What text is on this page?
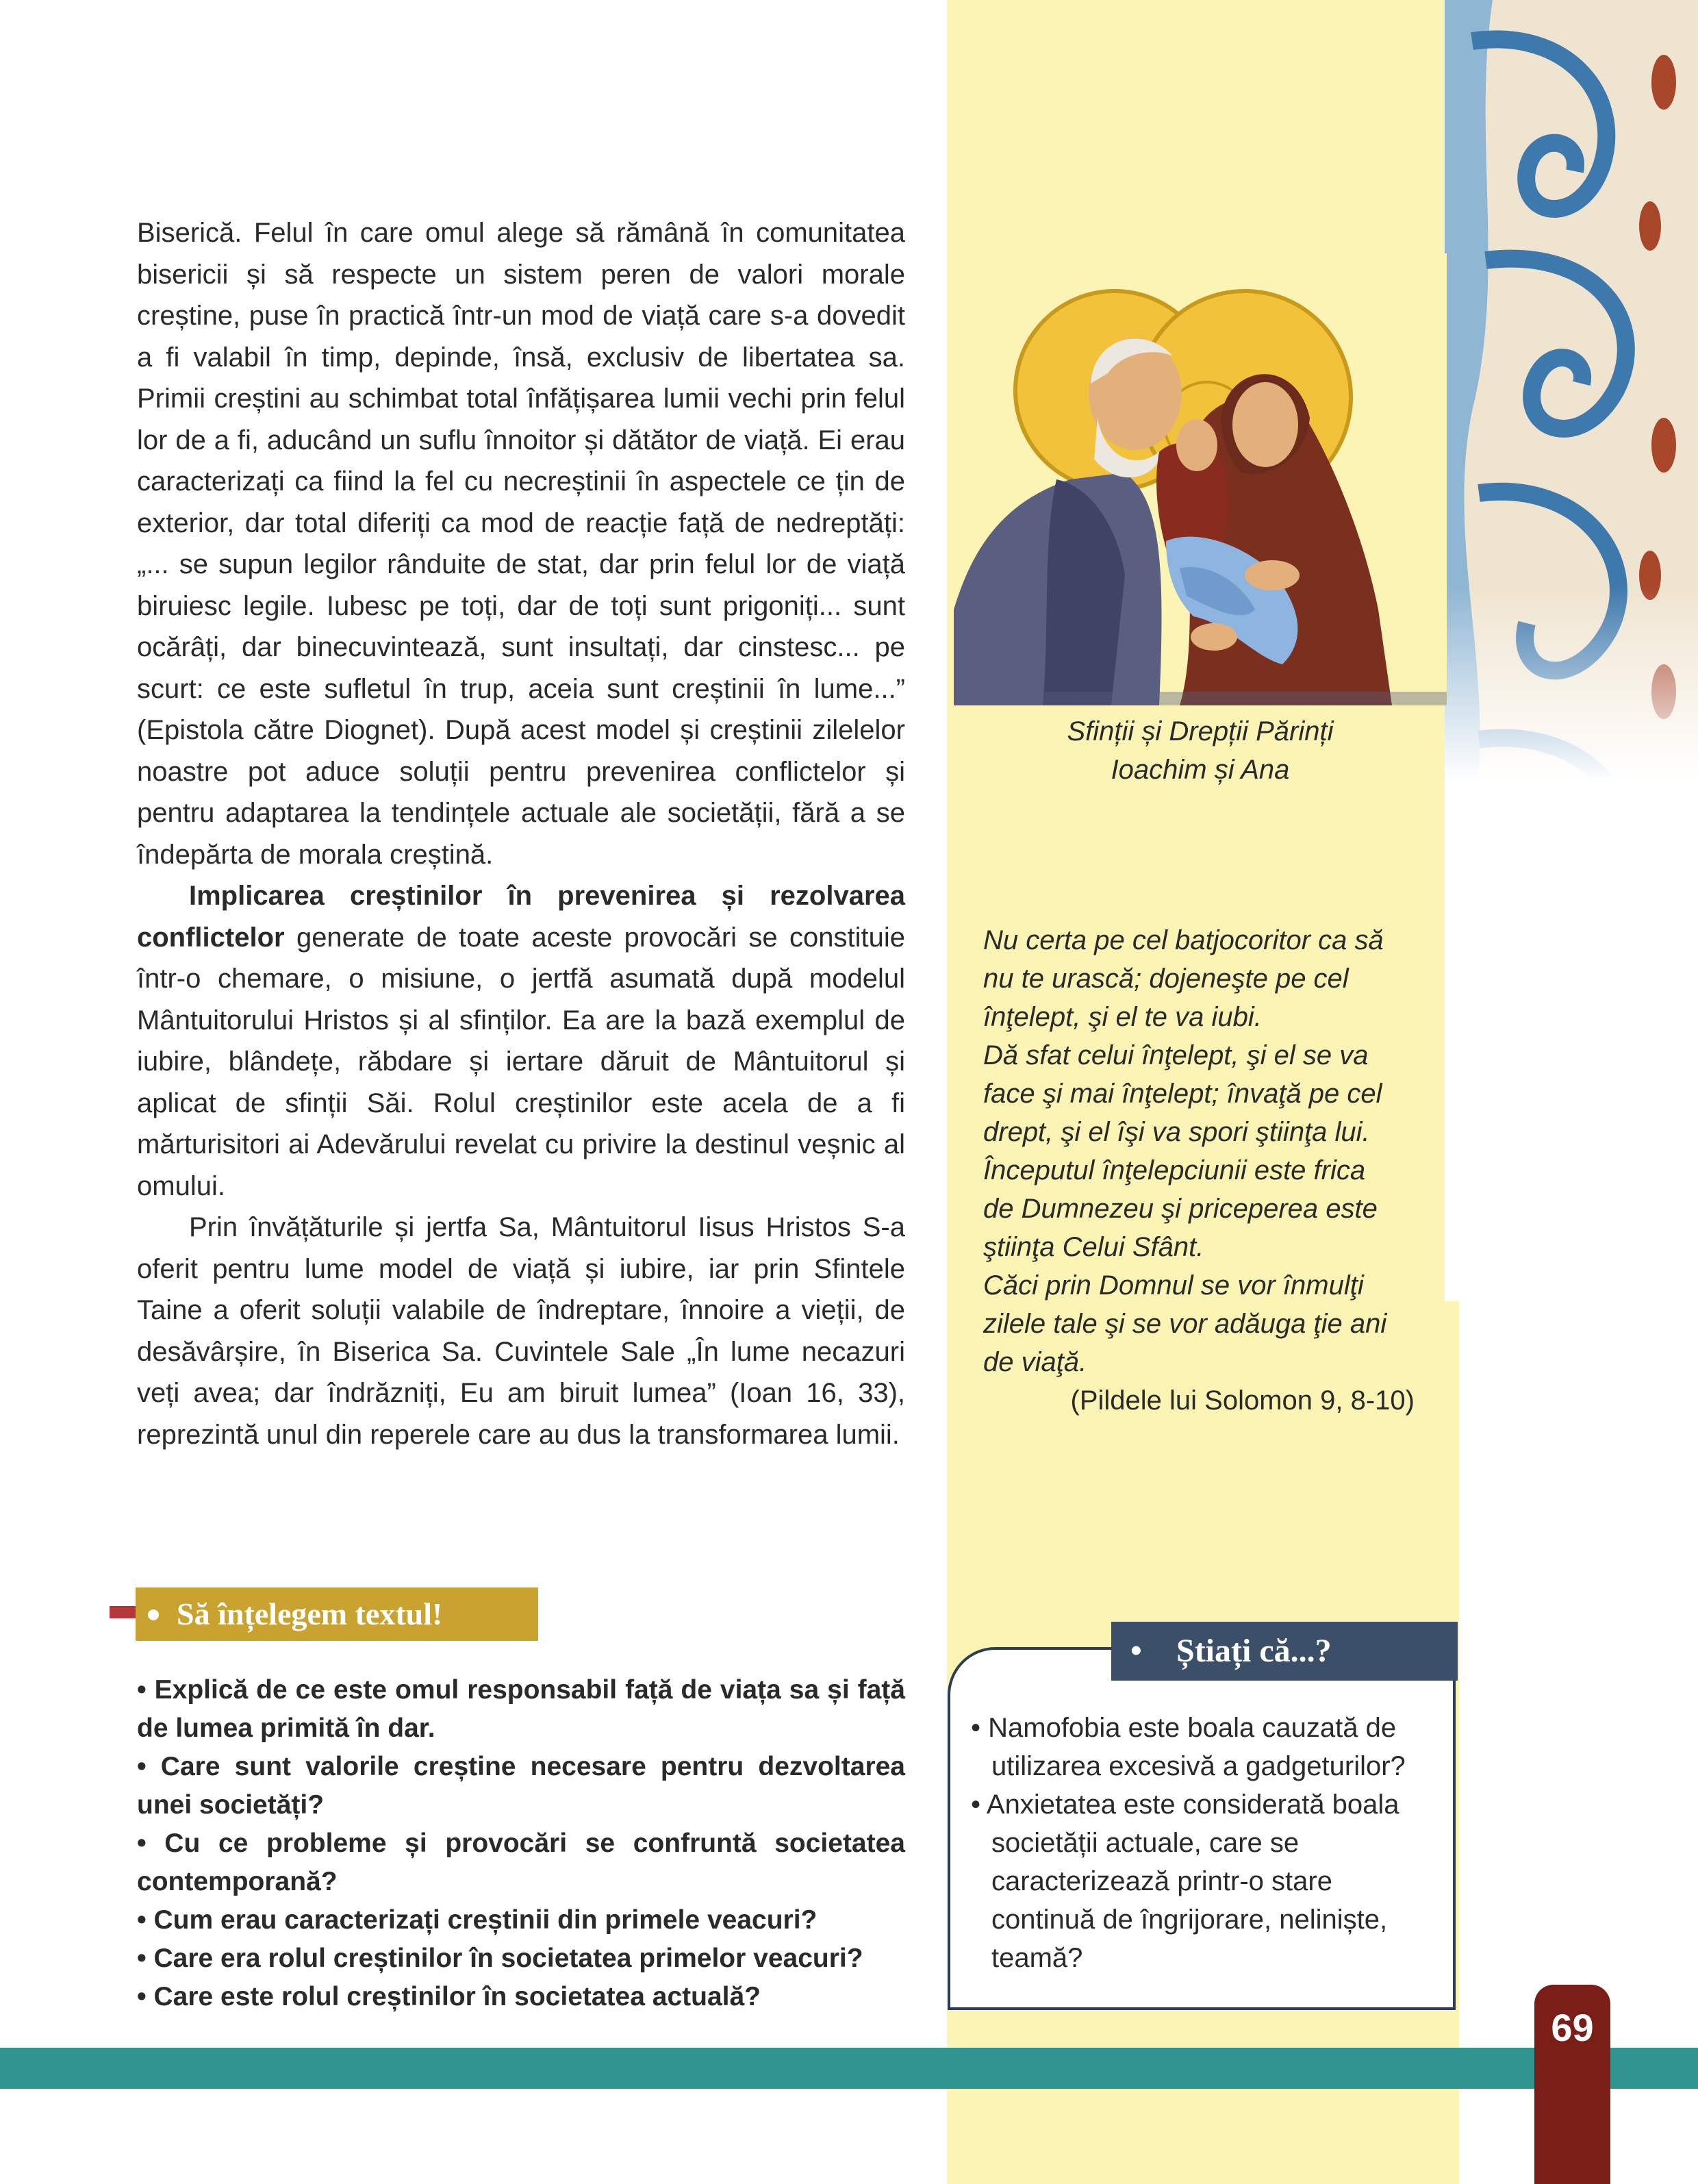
Biserică. Felul în care omul alege să rămână în comunitatea bisericii și să respecte un sistem peren de valori morale creștine, puse în practică într-un mod de viață care s-a dovedit a fi valabil în timp, depinde, însă, exclusiv de libertatea sa. Primii creștini au schimbat total înfățișarea lumii vechi prin felul lor de a fi, aducând un suflu înnoitor și dătător de viață. Ei erau caracterizați ca fiind la fel cu necreștinii în aspectele ce țin de exterior, dar total diferiți ca mod de reacție față de nedreptăți: „... se supun legilor rânduite de stat, dar prin felul lor de viață biruiesc legile. Iubesc pe toți, dar de toți sunt prigoniți... sunt ocărâți, dar binecuvintează, sunt insultați, dar cinstesc... pe scurt: ce este sufletul în trup, aceia sunt creștinii în lume...” (Epistola către Diognet). După acest model și creștinii zilelelor noastre pot aduce soluții pentru prevenirea conflictelor și pentru adaptarea la tendințele actuale ale societății, fără a se îndepărta de morala creștină.

Implicarea creștinilor în prevenirea și rezolvarea conflictelor generate de toate aceste provocări se constituie într-o chemare, o misiune, o jertfă asumată după modelul Mântuitorului Hristos și al sfinților. Ea are la bază exemplul de iubire, blândețe, răbdare și iertare dăruit de Mântuitorul și aplicat de sfinții Săi. Rolul creștinilor este acela de a fi mărturisitori ai Adevărului revelat cu privire la destinul veșnic al omului.

Prin învățăturile și jertfa Sa, Mântuitorul Iisus Hristos S-a oferit pentru lume model de viață și iubire, iar prin Sfintele Taine a oferit soluții valabile de îndreptare, înnoire a vieții, de desăvârșire, în Biserica Sa. Cuvintele Sale „În lume necazuri veți avea; dar îndrăzniți, Eu am biruit lumea” (Ioan 16, 33), reprezintă unul din reperele care au dus la transformarea lumii.

Sfinții și Drepții Părinți
Ioachim și Ana
Nu certa pe cel batjocoritor ca să
nu te urască; dojeneşte pe cel
înţelept, şi el te va iubi.
Dă sfat celui înţelept, şi el se va
face şi mai înţelept; învaţă pe cel
drept, şi el îşi va spori ştiinţa lui.
Începutul înţelepciunii este frica
de Dumnezeu şi priceperea este
ştiinţa Celui Sfânt.
Căci prin Domnul se vor înmulţi
zilele tale şi se vor adăuga ţie ani
de viaţă.
(Pildele lui Solomon 9, 8-10)
Să înțelegem textul!
• Explică de ce este omul responsabil față de viața sa și față de lumea primită în dar.
• Care sunt valorile creștine necesare pentru dezvoltarea unei societăți?
• Cu ce probleme și provocări se confruntă societatea contemporană?
• Cum erau caracterizați creștinii din primele veacuri?
• Care era rolul creștinilor în societatea primelor veacuri?
• Care este rolul creștinilor în societatea actuală?
• Știați că...?
• Namofobia este boala cauzată de
utilizarea excesivă a gadgeturilor?
• Anxietatea este considerată boala
societății actuale, care se
caracterizează printr-o stare
continuă de îngrijorare, neliniște,
teamă?
69
